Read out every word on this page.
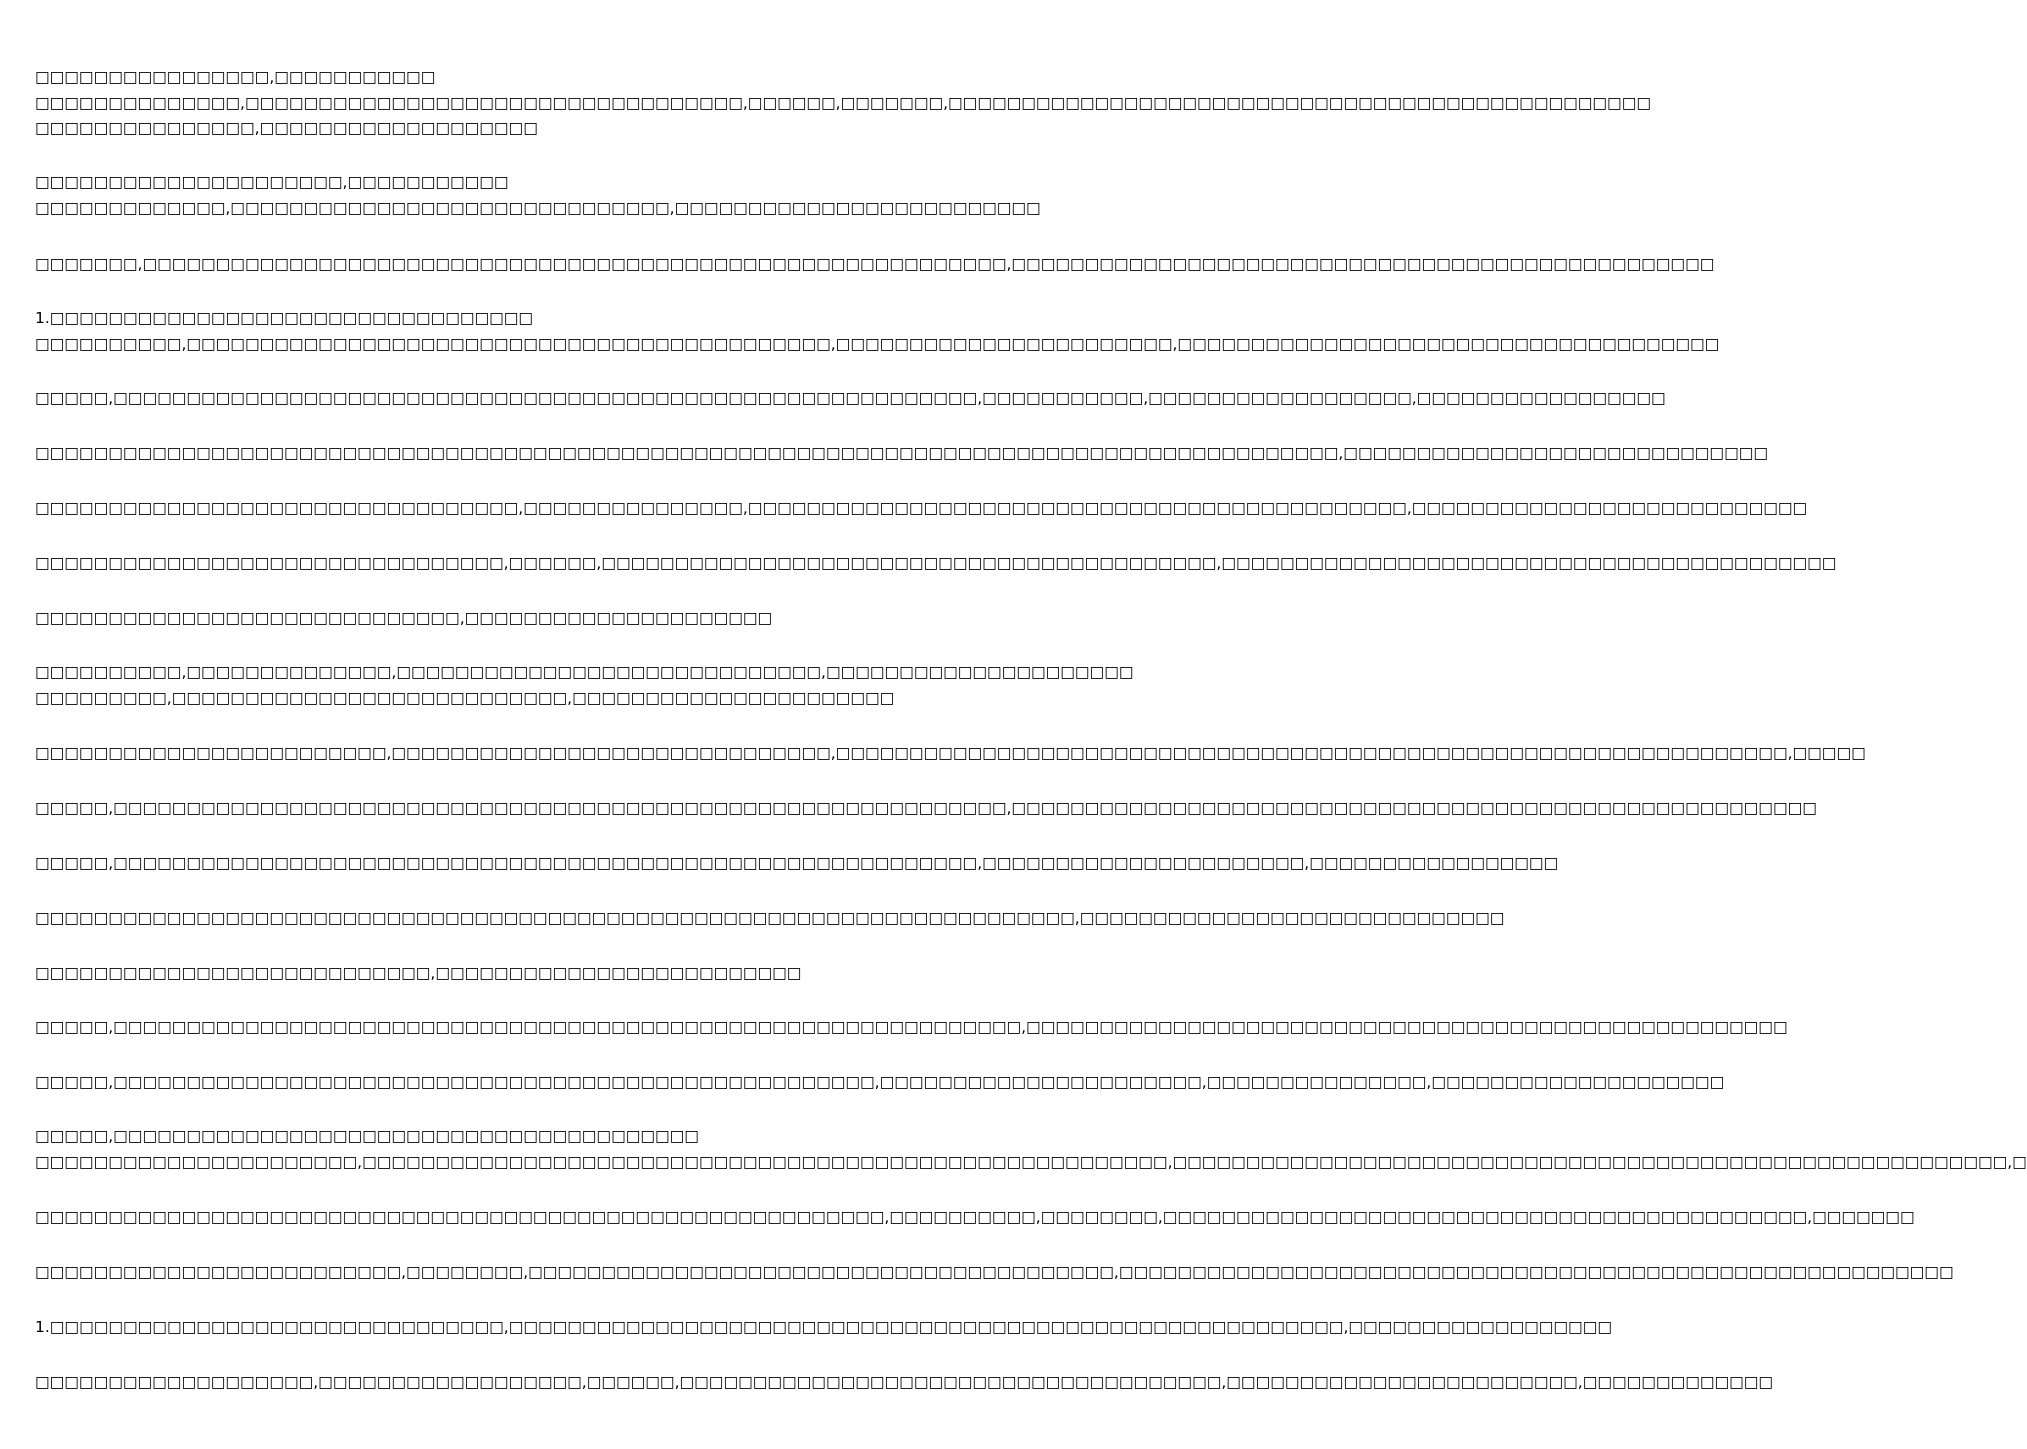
□□□□□□□□□□□□□□□□,□□□□□□□□□□□
□□□□□□□□□□□□□□,□□□□□□□□□□□□□□□□□□□□□□□□□□□□□□□□□□,□□□□□□,□□□□□□□,□□□□□□□□□□□□□□□□□□□□□□□□□□□□□□□□□□□□□□□□□□□□□□□□
□□□□□□□□□□□□□□□,□□□□□□□□□□□□□□□□□□□
□□□□□□□□□□□□□□□□□□□□□,□□□□□□□□□□□
□□□□□□□□□□□□□,□□□□□□□□□□□□□□□□□□□□□□□□□□□□□□,□□□□□□□□□□□□□□□□□□□□□□□□□
□□□□□□□,□□□□□□□□□□□□□□□□□□□□□□□□□□□□□□□□□□□□□□□□□□□□□□□□□□□□□□□□□□□,□□□□□□□□□□□□□□□□□□□□□□□□□□□□□□□□□□□□□□□□□□□□□□□□
1.□□□□□□□□□□□□□□□□□□□□□□□□□□□□□□□□□
□□□□□□□□□□,□□□□□□□□□□□□□□□□□□□□□□□□□□□□□□□□□□□□□□□□□□□□,□□□□□□□□□□□□□□□□□□□□□□□,□□□□□□□□□□□□□□□□□□□□□□□□□□□□□□□□□□□□□
□□□□□,□□□□□□□□□□□□□□□□□□□□□□□□□□□□□□□□□□□□□□□□□□□□□□□□□□□□□□□□□□□,□□□□□□□□□□□,□□□□□□□□□□□□□□□□□□,□□□□□□□□□□□□□□□□□
□□□□□□□□□□□□□□□□□□□□□□□□□□□□□□□□□□□□□□□□□□□□□□□□□□□□□□□□□□□□□□□□□□□□□□□□□□□□□□□□□□□□□□□□□,□□□□□□□□□□□□□□□□□□□□□□□□□□□□□
□□□□□□□□□□□□□□□□□□□□□□□□□□□□□□□□□,□□□□□□□□□□□□□□□,□□□□□□□□□□□□□□□□□□□□□□□□□□□□□□□□□□□□□□□□□□□□□,□□□□□□□□□□□□□□□□□□□□□□□□□□□
□□□□□□□□□□□□□□□□□□□□□□□□□□□□□□□□,□□□□□□,□□□□□□□□□□□□□□□□□□□□□□□□□□□□□□□□□□□□□□□□□□,□□□□□□□□□□□□□□□□□□□□□□□□□□□□□□□□□□□□□□□□□□
□□□□□□□□□□□□□□□□□□□□□□□□□□□□□,□□□□□□□□□□□□□□□□□□□□□
□□□□□□□□□□,□□□□□□□□□□□□□□,□□□□□□□□□□□□□□□□□□□□□□□□□□□□□,□□□□□□□□□□□□□□□□□□□□□
□□□□□□□□□,□□□□□□□□□□□□□□□□□□□□□□□□□□□,□□□□□□□□□□□□□□□□□□□□□□
□□□□□□□□□□□□□□□□□□□□□□□□,□□□□□□□□□□□□□□□□□□□□□□□□□□□□□□,□□□□□□□□□□□□□□□□□□□□□□□□□□□□□□□□□□□□□□□□□□□□□□□□□□□□□□□□□□□□□□□□□,□□□□□
□□□□□,□□□□□□□□□□□□□□□□□□□□□□□□□□□□□□□□□□□□□□□□□□□□□□□□□□□□□□□□□□□□□,□□□□□□□□□□□□□□□□□□□□□□□□□□□□□□□□□□□□□□□□□□□□□□□□□□□□□□□
□□□□□,□□□□□□□□□□□□□□□□□□□□□□□□□□□□□□□□□□□□□□□□□□□□□□□□□□□□□□□□□□□,□□□□□□□□□□□□□□□□□□□□□□,□□□□□□□□□□□□□□□□□
□□□□□□□□□□□□□□□□□□□□□□□□□□□□□□□□□□□□□□□□□□□□□□□□□□□□□□□□□□□□□□□□□□□□□□□,□□□□□□□□□□□□□□□□□□□□□□□□□□□□□
□□□□□□□□□□□□□□□□□□□□□□□□□□□,□□□□□□□□□□□□□□□□□□□□□□□□□
□□□□□,□□□□□□□□□□□□□□□□□□□□□□□□□□□□□□□□□□□□□□□□□□□□□□□□□□□□□□□□□□□□□□,□□□□□□□□□□□□□□□□□□□□□□□□□□□□□□□□□□□□□□□□□□□□□□□□□□□□
□□□□□,□□□□□□□□□□□□□□□□□□□□□□□□□□□□□□□□□□□□□□□□□□□□□□□□□□□□,□□□□□□□□□□□□□□□□□□□□□□,□□□□□□□□□□□□□□□,□□□□□□□□□□□□□□□□□□□□
□□□□□,□□□□□□□□□□□□□□□□□□□□□□□□□□□□□□□□□□□□□□□□
□□□□□□□□□□□□□□□□□□□□□□,□□□□□□□□□□□□□□□□□□□□□□□□□□□□□□□□□□□□□□□□□□□□□□□□□□□□□□□,□□□□□□□□□□□□□□□□□□□□□□□□□□□□□□□□□□□□□□□□□□□□□□□□□□□□□□□□□,□
□□□□□□□□□□□□□□□□□□□□□□□□□□□□□□□□□□□□□□□□□□□□□□□□□□□□□□□□□□,□□□□□□□□□□,□□□□□□□□,□□□□□□□□□□□□□□□□□□□□□□□□□□□□□□□□□□□□□□□□□□□□,□□□□□□□
□□□□□□□□□□□□□□□□□□□□□□□□□,□□□□□□□□,□□□□□□□□□□□□□□□□□□□□□□□□□□□□□□□□□□□□□□□□,□□□□□□□□□□□□□□□□□□□□□□□□□□□□□□□□□□□□□□□□□□□□□□□□□□□□□□□□□
1.□□□□□□□□□□□□□□□□□□□□□□□□□□□□□□□,□□□□□□□□□□□□□□□□□□□□□□□□□□□□□□□□□□□□□□□□□□□□□□□□□□□□□□□□□,□□□□□□□□□□□□□□□□□□
□□□□□□□□□□□□□□□□□□□,□□□□□□□□□□□□□□□□□□,□□□□□□,□□□□□□□□□□□□□□□□□□□□□□□□□□□□□□□□□□□□□,□□□□□□□□□□□□□□□□□□□□□□□□,□□□□□□□□□□□□□
